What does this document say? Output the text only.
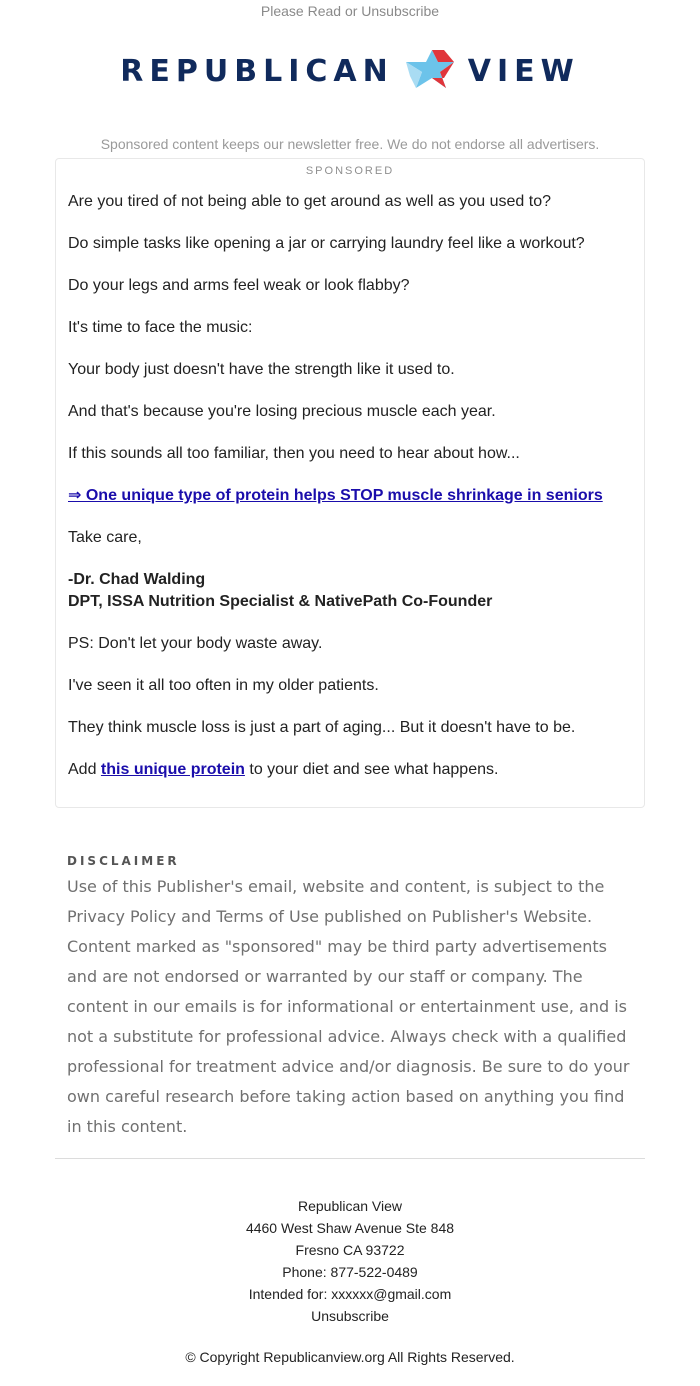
Please Read or Unsubscribe
REPUBLICAN VIEW
Sponsored content keeps our newsletter free. We do not endorse all advertisers.
SPONSORED

Are you tired of not being able to get around as well as you used to?

Do simple tasks like opening a jar or carrying laundry feel like a workout?

Do your legs and arms feel weak or look flabby?

It's time to face the music:

Your body just doesn't have the strength like it used to.

And that's because you're losing precious muscle each year.

If this sounds all too familiar, then you need to hear about how...

⇒ One unique type of protein helps STOP muscle shrinkage in seniors

Take care,

-Dr. Chad Walding
DPT, ISSA Nutrition Specialist & NativePath Co-Founder

PS: Don't let your body waste away.

I've seen it all too often in my older patients.

They think muscle loss is just a part of aging... But it doesn't have to be.

Add this unique protein to your diet and see what happens.

DISCLAIMER

Use of this Publisher's email, website and content, is subject to the Privacy Policy and Terms of Use published on Publisher's Website. Content marked as "sponsored" may be third party advertisements and are not endorsed or warranted by our staff or company. The content in our emails is for informational or entertainment use, and is not a substitute for professional advice. Always check with a qualified professional for treatment advice and/or diagnosis. Be sure to do your own careful research before taking action based on anything you find in this content.

Republican View
4460 West Shaw Avenue Ste 848
Fresno CA 93722
Phone: 877-522-0489
Intended for: xxxxxx@gmail.com
Unsubscribe
© Copyright Republicanview.org All Rights Reserved.
